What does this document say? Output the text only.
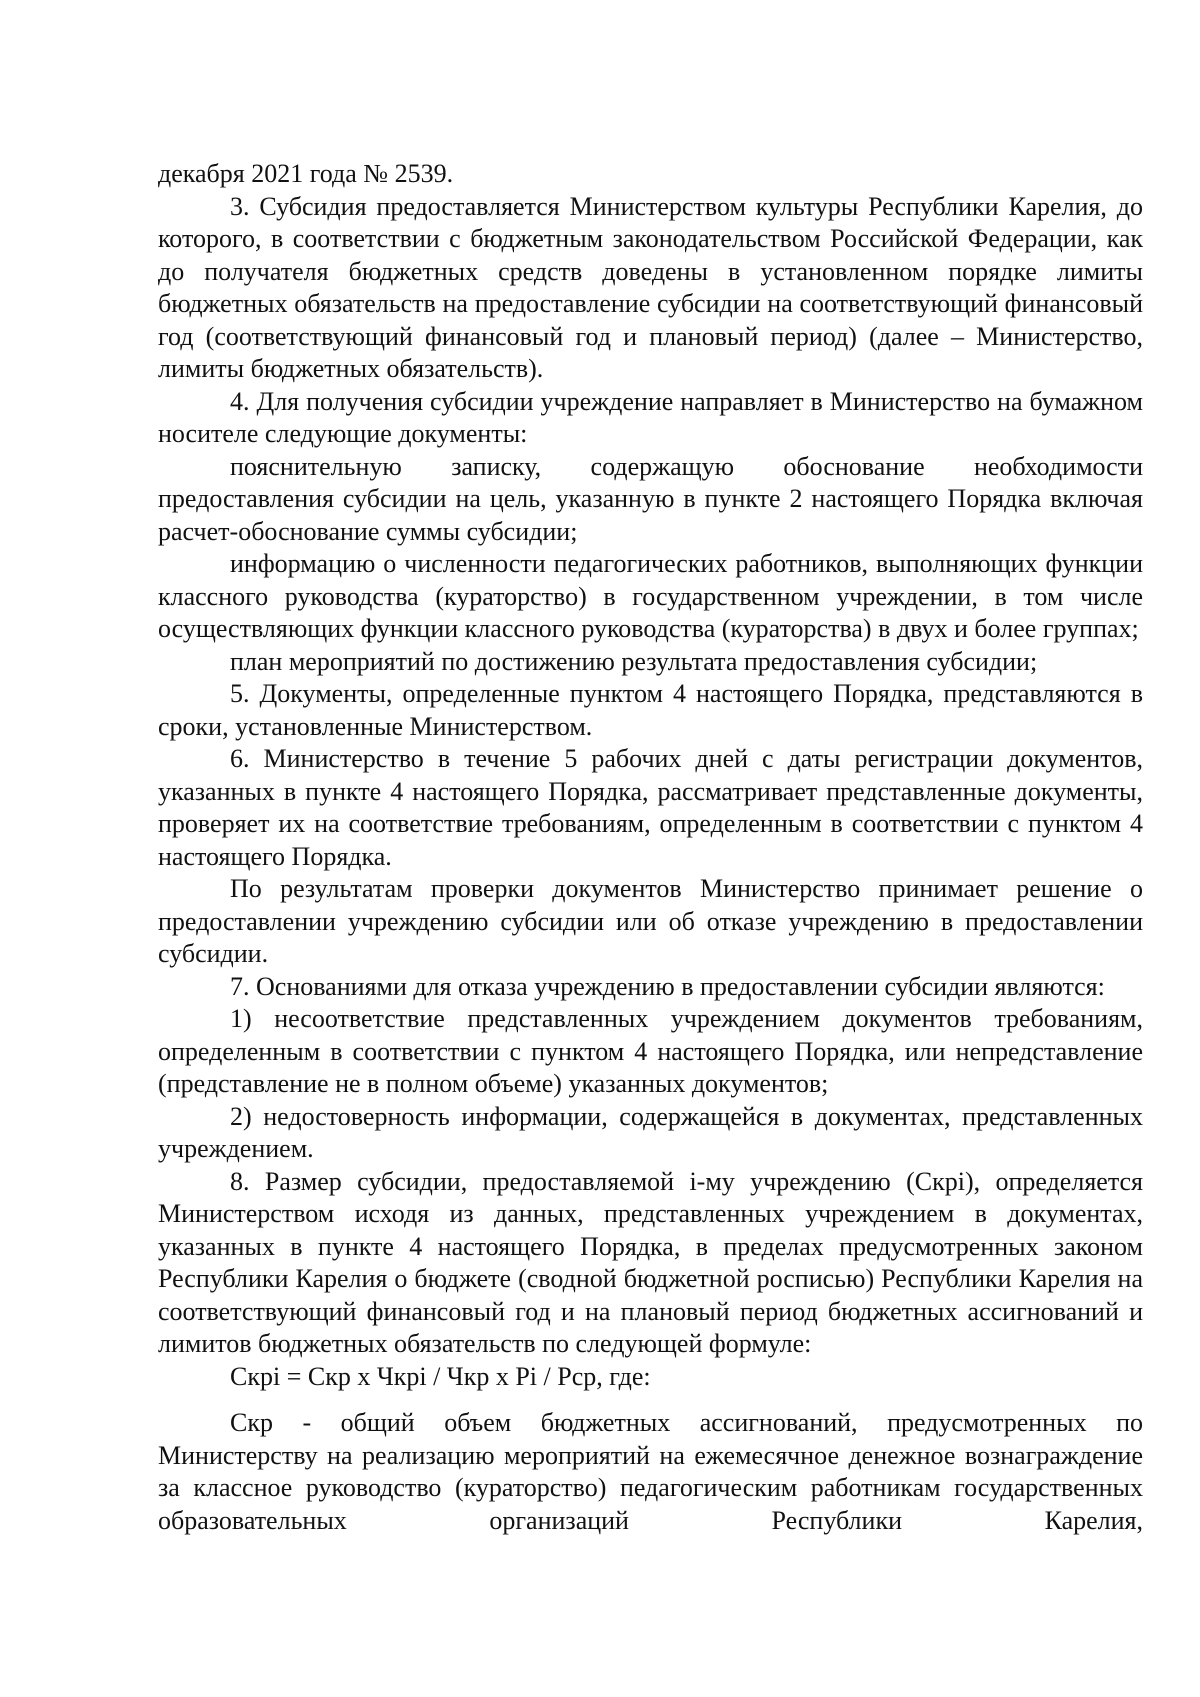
декабря 2021 года № 2539.

3. Субсидия предоставляется Министерством культуры Республики Карелия, до которого, в соответствии с бюджетным законодательством Российской Федерации, как до получателя бюджетных средств доведены в установленном порядке лимиты бюджетных обязательств на предоставление субсидии на соответствующий финансовый год (соответствующий финансовый год и плановый период) (далее – Министерство, лимиты бюджетных обязательств).

4. Для получения субсидии учреждение направляет в Министерство на бумажном носителе следующие документы:

пояснительную записку, содержащую обоснование необходимости предоставления субсидии на цель, указанную в пункте 2 настоящего Порядка включая расчет-обоснование суммы субсидии;

информацию о численности педагогических работников, выполняющих функции классного руководства (кураторство) в государственном учреждении, в том числе осуществляющих функции классного руководства (кураторства) в двух и более группах;

план мероприятий по достижению результата предоставления субсидии;

5. Документы, определенные пунктом 4 настоящего Порядка, представляются в сроки, установленные Министерством.

6. Министерство в течение 5 рабочих дней с даты регистрации документов, указанных в пункте 4 настоящего Порядка, рассматривает представленные документы, проверяет их на соответствие требованиям, определенным в соответствии с пунктом 4 настоящего Порядка.

По результатам проверки документов Министерство принимает решение о предоставлении учреждению субсидии или об отказе учреждению в предоставлении субсидии.

7. Основаниями для отказа учреждению в предоставлении субсидии являются:

1) несоответствие представленных учреждением документов требованиям, определенным в соответствии с пунктом 4 настоящего Порядка, или непредставление (представление не в полном объеме) указанных документов;

2) недостоверность информации, содержащейся в документах, представленных учреждением.

8. Размер субсидии, предоставляемой i-му учреждению (Скрi), определяется Министерством исходя из данных, представленных учреждением в документах, указанных в пункте 4 настоящего Порядка, в пределах предусмотренных законом Республики Карелия о бюджете (сводной бюджетной росписью) Республики Карелия на соответствующий финансовый год и на плановый период бюджетных ассигнований и лимитов бюджетных обязательств по следующей формуле:

Скрi = Скр x Чкрi / Чкр x Рi / Рср, где:

Скр - общий объем бюджетных ассигнований, предусмотренных по Министерству на реализацию мероприятий на ежемесячное денежное вознаграждение за классное руководство (кураторство) педагогическим работникам государственных образовательных организаций Республики Карелия,
